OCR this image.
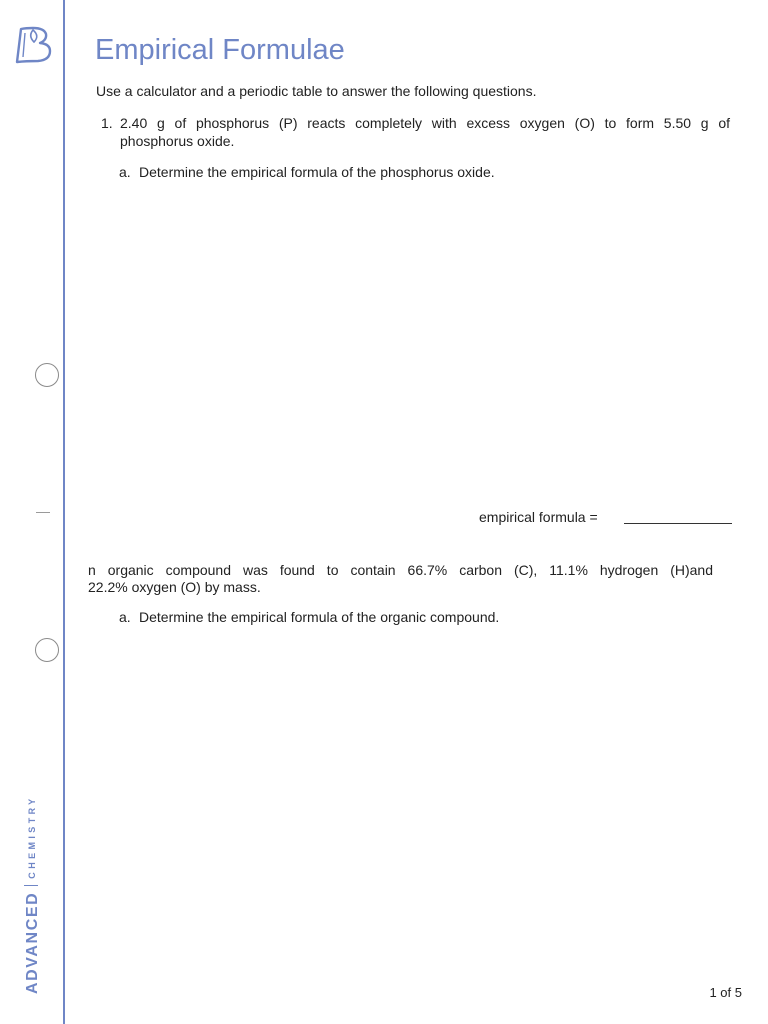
ADVANCEDCHEMISTRY
Empirical Formulae

Use a calculator and a periodic table to answer the following questions.

1. 2.40 g of phosphorus (P) reacts completely with excess oxygen (O) to form 5.50 g of

phosphorus oxide.

a. Determine the empirical formula of the phosphorus oxide.

empirical formula =

n organic compound was found to contain 66.7% carbon (C), 11.1% hydrogen (H)and

22.2% oxygen (O) by mass.

a. Determine the empirical formula of the organic compound.

1 of 5
